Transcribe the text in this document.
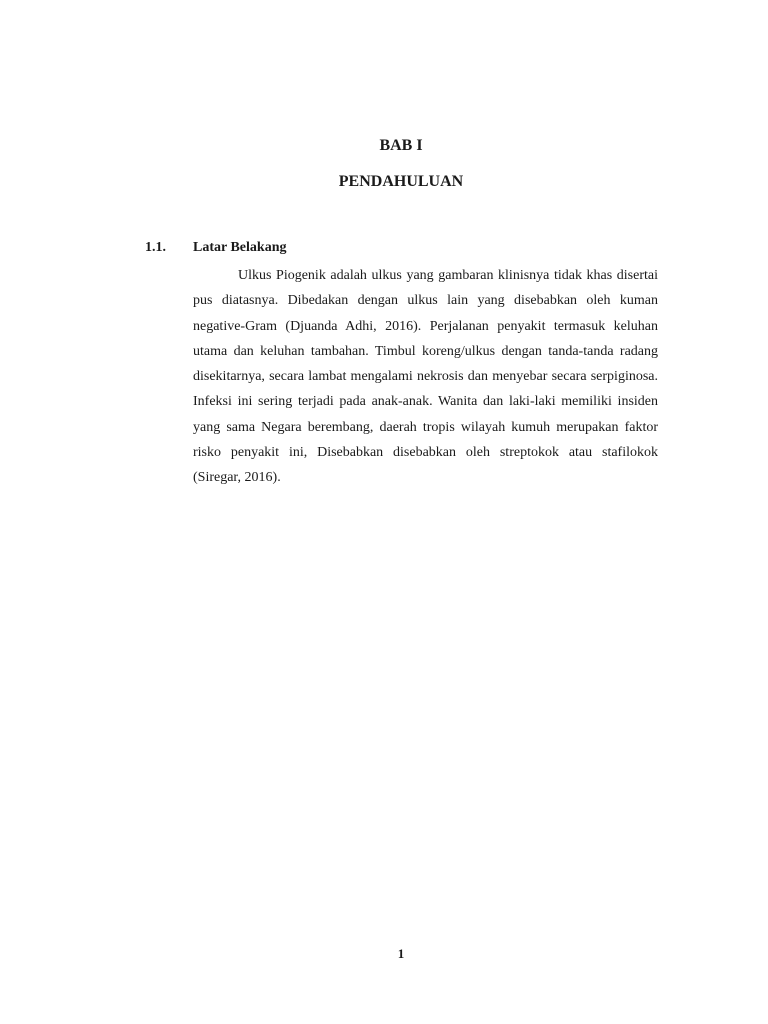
BAB I
PENDAHULUAN
1.1. Latar Belakang

Ulkus Piogenik adalah ulkus yang gambaran klinisnya tidak khas disertai pus diatasnya. Dibedakan dengan ulkus lain yang disebabkan oleh kuman negative-Gram (Djuanda Adhi, 2016). Perjalanan penyakit termasuk keluhan utama dan keluhan tambahan. Timbul koreng/ulkus dengan tanda-tanda radang disekitarnya, secara lambat mengalami nekrosis dan menyebar secara serpiginosa. Infeksi ini sering terjadi pada anak-anak. Wanita dan laki-laki memiliki insiden yang sama Negara berembang, daerah tropis wilayah kumuh merupakan faktor risko penyakit ini, Disebabkan disebabkan oleh streptokok atau stafilokok (Siregar, 2016).

1
